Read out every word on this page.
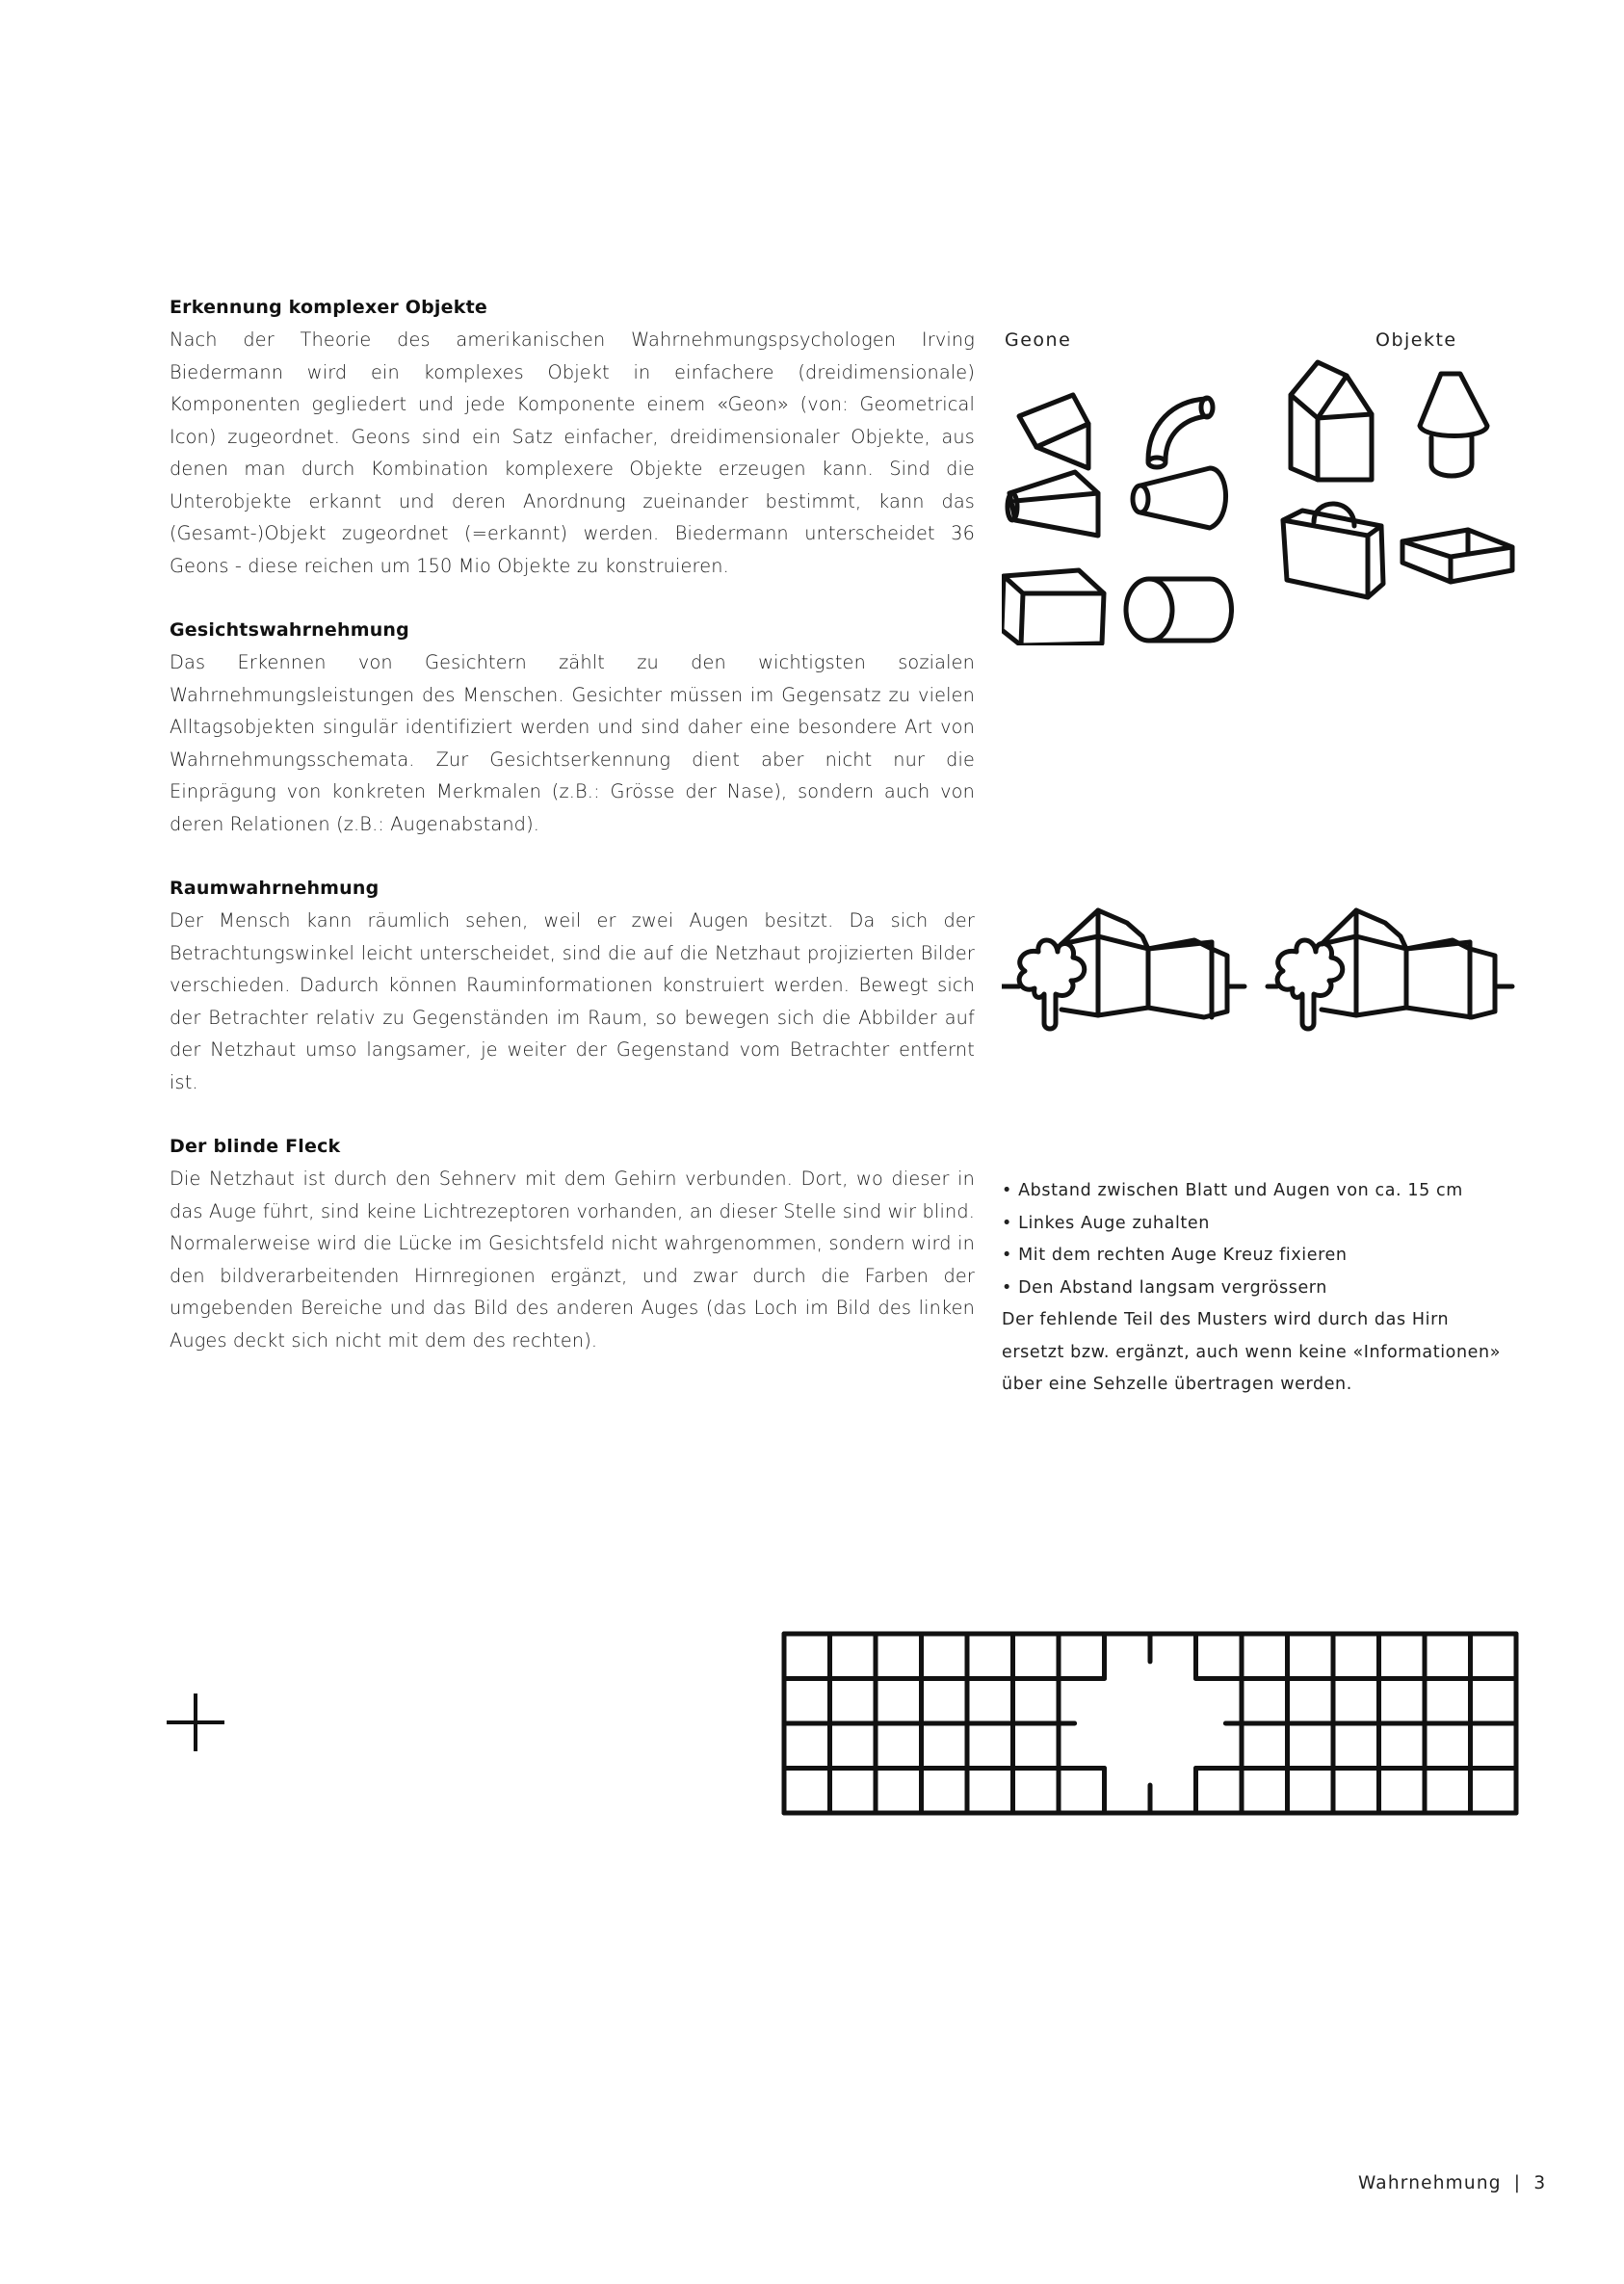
Erkennung komplexer Objekte

Nach der Theorie des amerikanischen Wahrnehmungspsychologen Irving Biedermann wird ein komplexes Objekt in einfachere (dreidimensionale) Komponenten gegliedert und jede Komponente einem «Geon» (von: Geometrical Icon) zugeordnet. Geons sind ein Satz einfacher, dreidimensionaler Objekte, aus denen man durch Kombination komplexere Objekte erzeugen kann. Sind die Unterobjekte erkannt und deren Anordnung zueinander bestimmt, kann das (Gesamt-)Objekt zugeordnet (=erkannt) werden. Biedermann unterscheidet 36 Geons - diese reichen um 150 Mio Objekte zu konstruieren.

Gesichtswahrnehmung

Das Erkennen von Gesichtern zählt zu den wichtigsten sozialen Wahrnehmungsleistungen des Menschen. Gesichter müssen im Gegensatz zu vielen Alltagsobjekten singulär identifiziert werden und sind daher eine besondere Art von Wahrnehmungsschemata. Zur Gesichtserkennung dient aber nicht nur die Einprägung von konkreten Merkmalen (z.B.: Grösse der Nase), sondern auch von deren Relationen (z.B.: Augenabstand).

Raumwahrnehmung

Der Mensch kann räumlich sehen, weil er zwei Augen besitzt. Da sich der Betrachtungswinkel leicht unterscheidet, sind die auf die Netzhaut projizierten Bilder verschieden. Dadurch können Rauminformationen konstruiert werden. Bewegt sich der Betrachter relativ zu Gegenständen im Raum, so bewegen sich die Abbilder auf der Netzhaut umso langsamer, je weiter der Gegenstand vom Betrachter entfernt ist.

Der blinde Fleck

Die Netzhaut ist durch den Sehnerv mit dem Gehirn verbunden. Dort, wo dieser in das Auge führt, sind keine Lichtrezeptoren vorhanden, an dieser Stelle sind wir blind. Normalerweise wird die Lücke im Gesichtsfeld nicht wahrgenommen, sondern wird in den bildverarbeitenden Hirnregionen ergänzt, und zwar durch die Farben der umgebenden Bereiche und das Bild des anderen Auges (das Loch im Bild des linken Auges deckt sich nicht mit dem des rechten).

Geone	Objekte
• Abstand zwischen Blatt und Augen von ca. 15 cm
• Linkes Auge zuhalten
• Mit dem rechten Auge Kreuz fixieren
• Den Abstand langsam vergrössern
Der fehlende Teil des Musters wird durch das Hirn
ersetzt bzw. ergänzt, auch wenn keine «Informationen»
über eine Sehzelle übertragen werden.
Wahrnehmung | 3
